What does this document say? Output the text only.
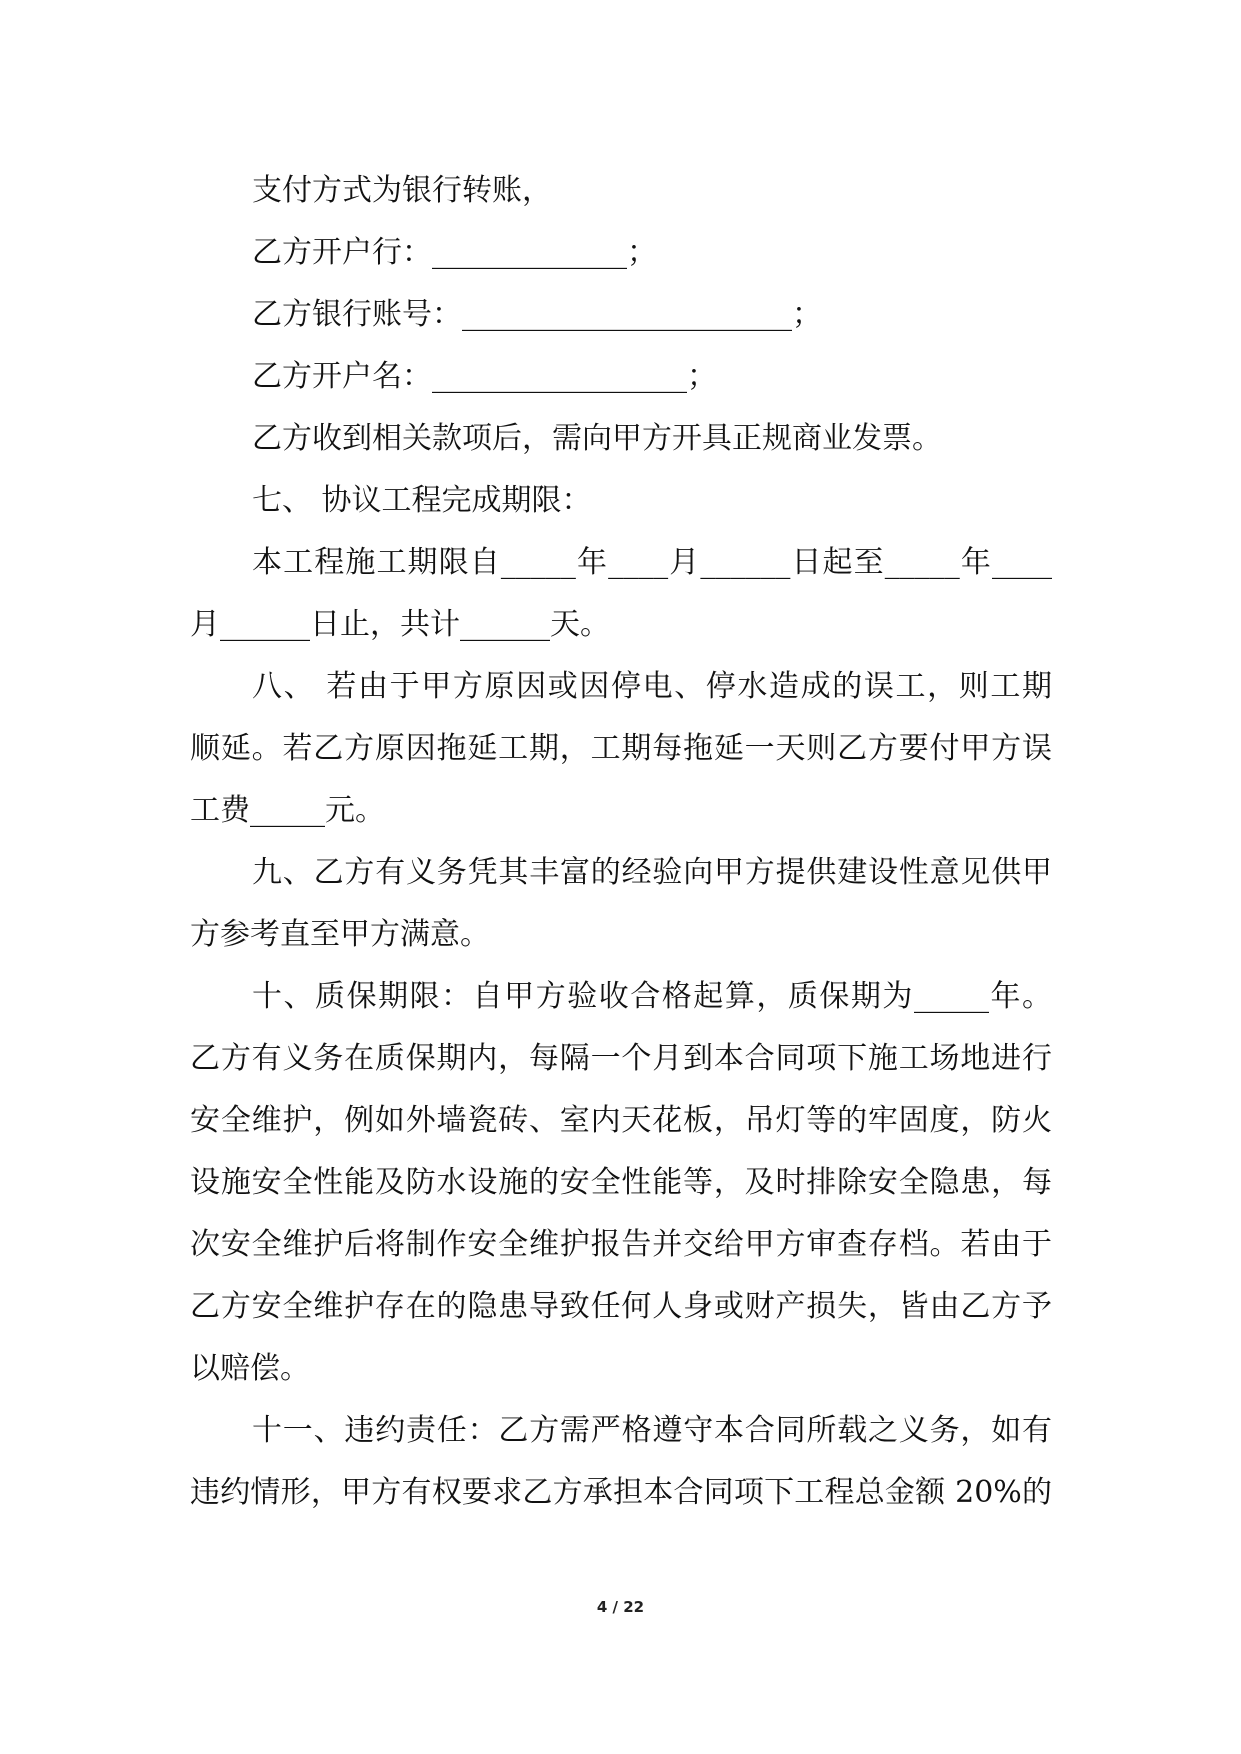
支付方式为银行转账，
乙方开户行：_____________；
乙方银行账号：______________________；
乙方开户名：_________________；
乙方收到相关款项后，需向甲方开具正规商业发票。
七、 协议工程完成期限：
本工程施工期限自_____年____月______日起至_____年____
月______日止，共计______天。
八、 若由于甲方原因或因停电、停水造成的误工，则工期
顺延。若乙方原因拖延工期，工期每拖延一天则乙方要付甲方误
工费_____元。
九、乙方有义务凭其丰富的经验向甲方提供建设性意见供甲
方参考直至甲方满意。
十、质保期限：自甲方验收合格起算，质保期为_____年。
乙方有义务在质保期内，每隔一个月到本合同项下施工场地进行
安全维护，例如外墙瓷砖、室内天花板，吊灯等的牢固度，防火
设施安全性能及防水设施的安全性能等，及时排除安全隐患，每
次安全维护后将制作安全维护报告并交给甲方审查存档。若由于
乙方安全维护存在的隐患导致任何人身或财产损失，皆由乙方予
以赔偿。
十一、违约责任：乙方需严格遵守本合同所载之义务，如有
违约情形，甲方有权要求乙方承担本合同项下工程总金额 20%的
4 / 22
